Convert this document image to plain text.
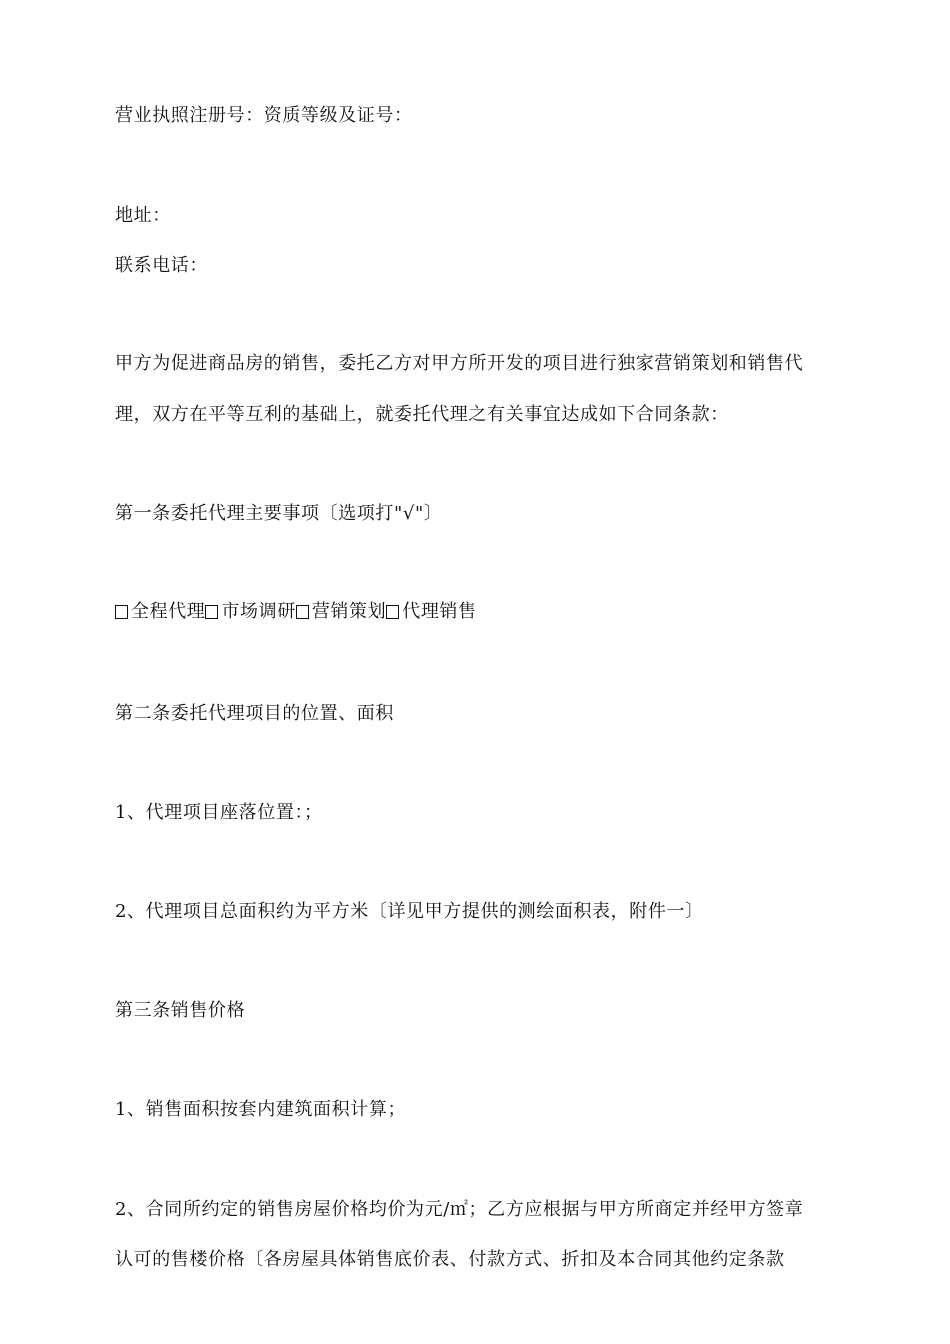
营业执照注册号：资质等级及证号：
地址：
联系电话：
甲方为促进商品房的销售，委托乙方对甲方所开发的项目进行独家营销策划和销售代
理，双方在平等互利的基础上，就委托代理之有关事宜达成如下合同条款：
第一条委托代理主要事项〔选项打"√"〕
全程代理 市场调研 营销策划 代理销售
第二条委托代理项目的位置、面积
1、代理项目座落位置：；
2、代理项目总面积约为平方米〔详见甲方提供的测绘面积表，附件一〕
第三条销售价格
1、销售面积按套内建筑面积计算；
2、合同所约定的销售房屋价格均价为元/㎡；乙方应根据与甲方所商定并经甲方签章
认可的售楼价格〔各房屋具体销售底价表、付款方式、折扣及本合同其他约定条款
